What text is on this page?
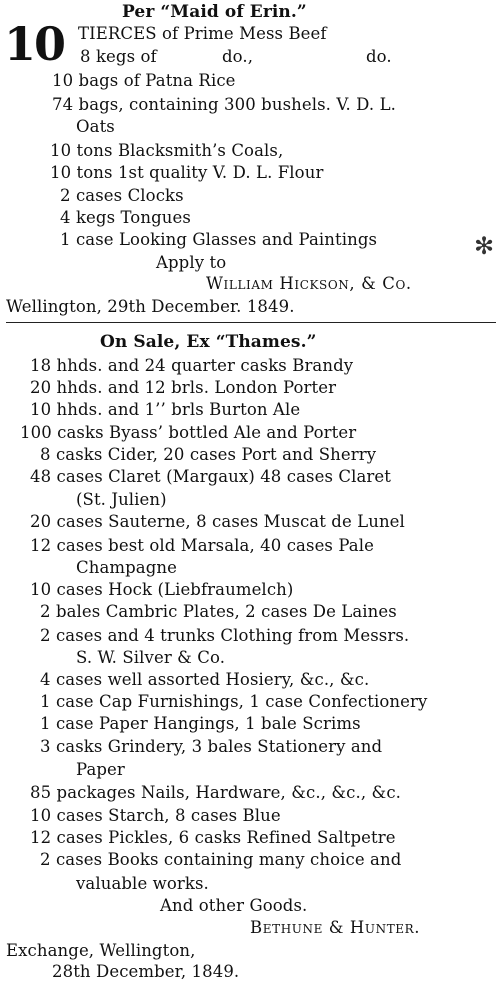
Per “Maid of Erin.”
10 TIERCES of Prime Mess Beef
8 kegs of	do.,	do.
10 bags of Patna Rice
74 bags, containing 300 bushels. V. D. L.
Oats
10 tons Blacksmith’s Coals,
10 tons 1st quality V. D. L. Flour
2 cases Clocks
4 kegs Tongues
1 case Looking Glasses and Paintings	✻
Apply to
William Hickson, & Co.
Wellington, 29th December. 1849.
On Sale, Ex “Thames.”
18 hhds. and 24 quarter casks Brandy
20 hhds. and 12 brls. London Porter
10 hhds. and 1’’ brls Burton Ale
100 casks Byass’ bottled Ale and Porter
8 casks Cider, 20 cases Port and Sherry
48 cases Claret (Margaux) 48 cases Claret
(St. Julien)
20 cases Sauterne, 8 cases Muscat de Lunel
12 cases best old Marsala, 40 cases Pale
Champagne
10 cases Hock (Liebfraumelch)
2 bales Cambric Plates, 2 cases De Laines
2 cases and 4 trunks Clothing from Messrs.
S. W. Silver & Co.
4 cases well assorted Hosiery, &c., &c.
1 case Cap Furnishings, 1 case Confectionery
1 case Paper Hangings, 1 bale Scrims
3 casks Grindery, 3 bales Stationery and
Paper
85 packages Nails, Hardware, &c., &c., &c.
10 cases Starch, 8 cases Blue
12 cases Pickles, 6 casks Refined Saltpetre
2 cases Books containing many choice and
valuable works.
And other Goods.
Bethune & Hunter.
Exchange, Wellington,
28th December, 1849.
